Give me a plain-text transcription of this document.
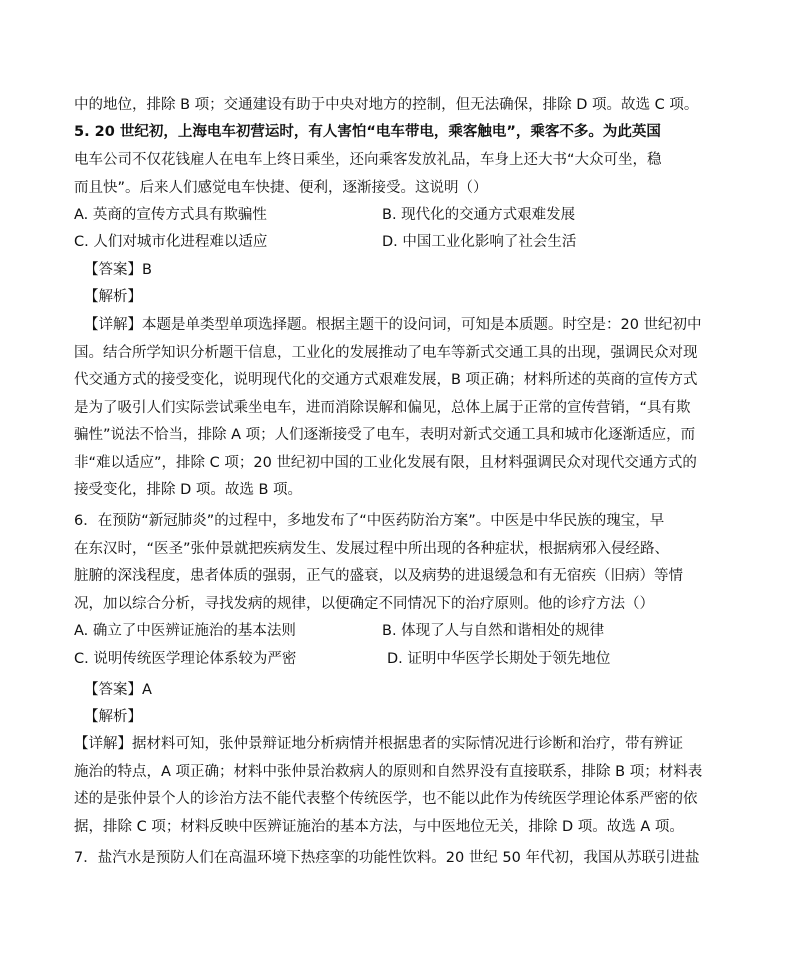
中的地位，排除 B 项；交通建设有助于中央对地方的控制，但无法确保，排除 D 项。故选 C 项。
5. 20 世纪初，上海电车初营运时，有人害怕“电车带电，乘客触电”，乘客不多。为此英国
电车公司不仅花钱雇人在电车上终日乘坐，还向乘客发放礼品，车身上还大书“大众可坐，稳
而且快”。后来人们感觉电车快捷、便利，逐渐接受。这说明（）
A. 英商的宣传方式具有欺骗性	B. 现代化的交通方式艰难发展
C. 人们对城市化进程难以适应	D. 中国工业化影响了社会生活
【答案】B
【解析】
【详解】本题是单类型单项选择题。根据主题干的设问词，可知是本质题。时空是：20 世纪初中
国。结合所学知识分析题干信息，工业化的发展推动了电车等新式交通工具的出现，强调民众对现
代交通方式的接受变化，说明现代化的交通方式艰难发展，B 项正确；材料所述的英商的宣传方式
是为了吸引人们实际尝试乘坐电车，进而消除误解和偏见，总体上属于正常的宣传营销，“具有欺
骗性”说法不恰当，排除 A 项；人们逐渐接受了电车，表明对新式交通工具和城市化逐渐适应，而
非“难以适应”，排除 C 项；20 世纪初中国的工业化发展有限，且材料强调民众对现代交通方式的
接受变化，排除 D 项。故选 B 项。
6．在预防“新冠肺炎”的过程中，多地发布了“中医药防治方案”。中医是中华民族的瑰宝，早
在东汉时，“医圣”张仲景就把疾病发生、发展过程中所出现的各种症状，根据病邪入侵经路、
脏腑的深浅程度，患者体质的强弱，正气的盛衰，以及病势的进退缓急和有无宿疾（旧病）等情
况，加以综合分析，寻找发病的规律，以便确定不同情况下的治疗原则。他的诊疗方法（）
A. 确立了中医辨证施治的基本法则	B. 体现了人与自然和谐相处的规律
C. 说明传统医学理论体系较为严密	D. 证明中华医学长期处于领先地位
【答案】A
【解析】
【详解】据材料可知，张仲景辩证地分析病情并根据患者的实际情况进行诊断和治疗，带有辨证
施治的特点，A 项正确；材料中张仲景治救病人的原则和自然界没有直接联系，排除 B 项；材料表
述的是张仲景个人的诊治方法不能代表整个传统医学，也不能以此作为传统医学理论体系严密的依
据，排除 C 项；材料反映中医辨证施治的基本方法，与中医地位无关，排除 D 项。故选 A 项。
7．盐汽水是预防人们在高温环境下热痉挛的功能性饮料。20 世纪 50 年代初，我国从苏联引进盐
